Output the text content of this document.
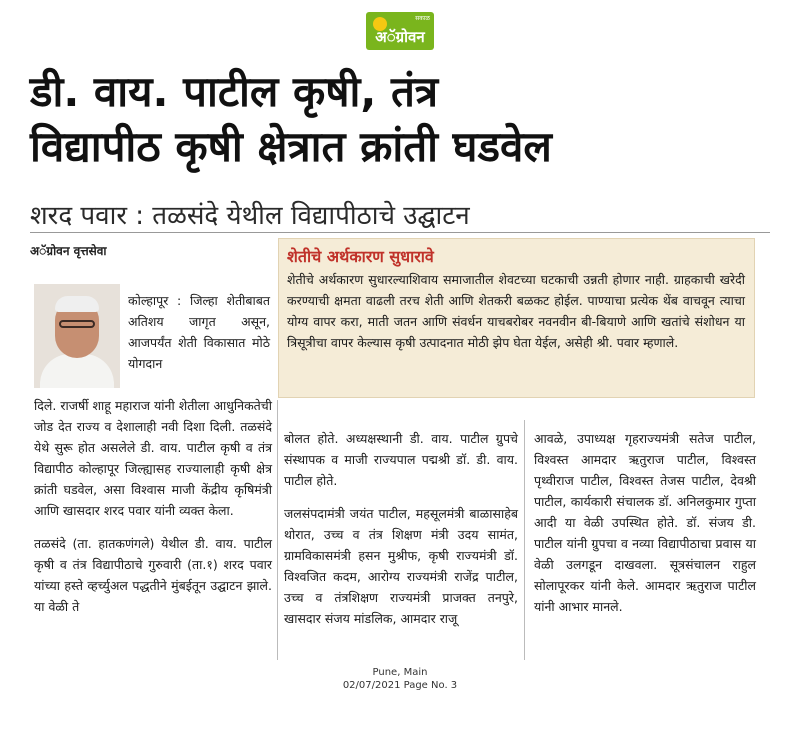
सकाळ
अॅग्रोवन
डी. वाय. पाटील कृषी, तंत्र
विद्यापीठ कृषी क्षेत्रात क्रांती घडवेल
शरद पवार : तळसंदे येथील विद्यापीठाचे उद्घाटन
अॅग्रोवन वृत्तसेवा	शेतीचे अर्थकारण सुधारावे
शेतीचे अर्थकारण सुधारल्याशिवाय समाजातील शेवटच्या घटकाची उन्नती होणार नाही. ग्राहकाची खरेदी करण्याची क्षमता वाढली तरच शेती आणि शेतकरी बळकट होईल. पाण्याचा प्रत्येक थेंब वाचवून त्याचा योग्य वापर करा, माती जतन आणि संवर्धन याचबरोबर नवनवीन बी-बियाणे आणि खतांचे संशोधन या त्रिसूत्रीचा वापर केल्यास कृषी उत्पादनात मोठी झेप घेता येईल, असेही श्री. पवार म्हणाले.
कोल्हापूर : जिल्हा शेतीबाबत अतिशय जागृत असून, आजपर्यंत शेती विकासात मोठे योगदान

दिले. राजर्षी शाहू महाराज यांनी शेतीला आधुनिकतेची जोड देत राज्य व देशालाही नवी दिशा दिली. तळसंदे येथे सुरू होत असलेले डी. वाय. पाटील कृषी व तंत्र विद्यापीठ कोल्हापूर जिल्ह्यासह राज्यालाही कृषी क्षेत्र क्रांती घडवेल, असा विश्वास माजी केंद्रीय कृषिमंत्री आणि खासदार शरद पवार यांनी व्यक्त केला.

तळसंदे (ता. हातकणंगले) येथील डी. वाय. पाटील कृषी व तंत्र विद्यापीठाचे गुरुवारी (ता.१) शरद पवार यांच्या हस्ते व्हर्च्युअल पद्धतीने मुंबईतून उद्घाटन झाले. या वेळी ते

बोलत होते. अध्यक्षस्थानी डी. वाय. पाटील ग्रुपचे संस्थापक व माजी राज्यपाल पद्मश्री डॉ. डी. वाय. पाटील होते.

जलसंपदामंत्री जयंत पाटील, महसूलमंत्री बाळासाहेब थोरात, उच्च व तंत्र शिक्षण मंत्री उदय सामंत, ग्रामविकासमंत्री हसन मुश्रीफ, कृषी राज्यमंत्री डॉ. विश्वजित कदम, आरोग्य राज्यमंत्री राजेंद्र पाटील, उच्च व तंत्रशिक्षण राज्यमंत्री प्राजक्त तनपुरे, खासदार संजय मांडलिक, आमदार राजू

आवळे, उपाध्यक्ष गृहराज्यमंत्री सतेज पाटील, विश्वस्त आमदार ऋतुराज पाटील, विश्वस्त पृथ्वीराज पाटील, विश्वस्त तेजस पाटील, देवश्री पाटील, कार्यकारी संचालक डॉ. अनिलकुमार गुप्ता आदी या वेळी उपस्थित होते. डॉ. संजय डी. पाटील यांनी ग्रुपचा व नव्या विद्यापीठाचा प्रवास या वेळी उलगडून दाखवला. सूत्रसंचालन राहुल सोलापूरकर यांनी केले. आमदार ऋतुराज पाटील यांनी आभार मानले.

Pune, Main
02/07/2021 Page No. 3
